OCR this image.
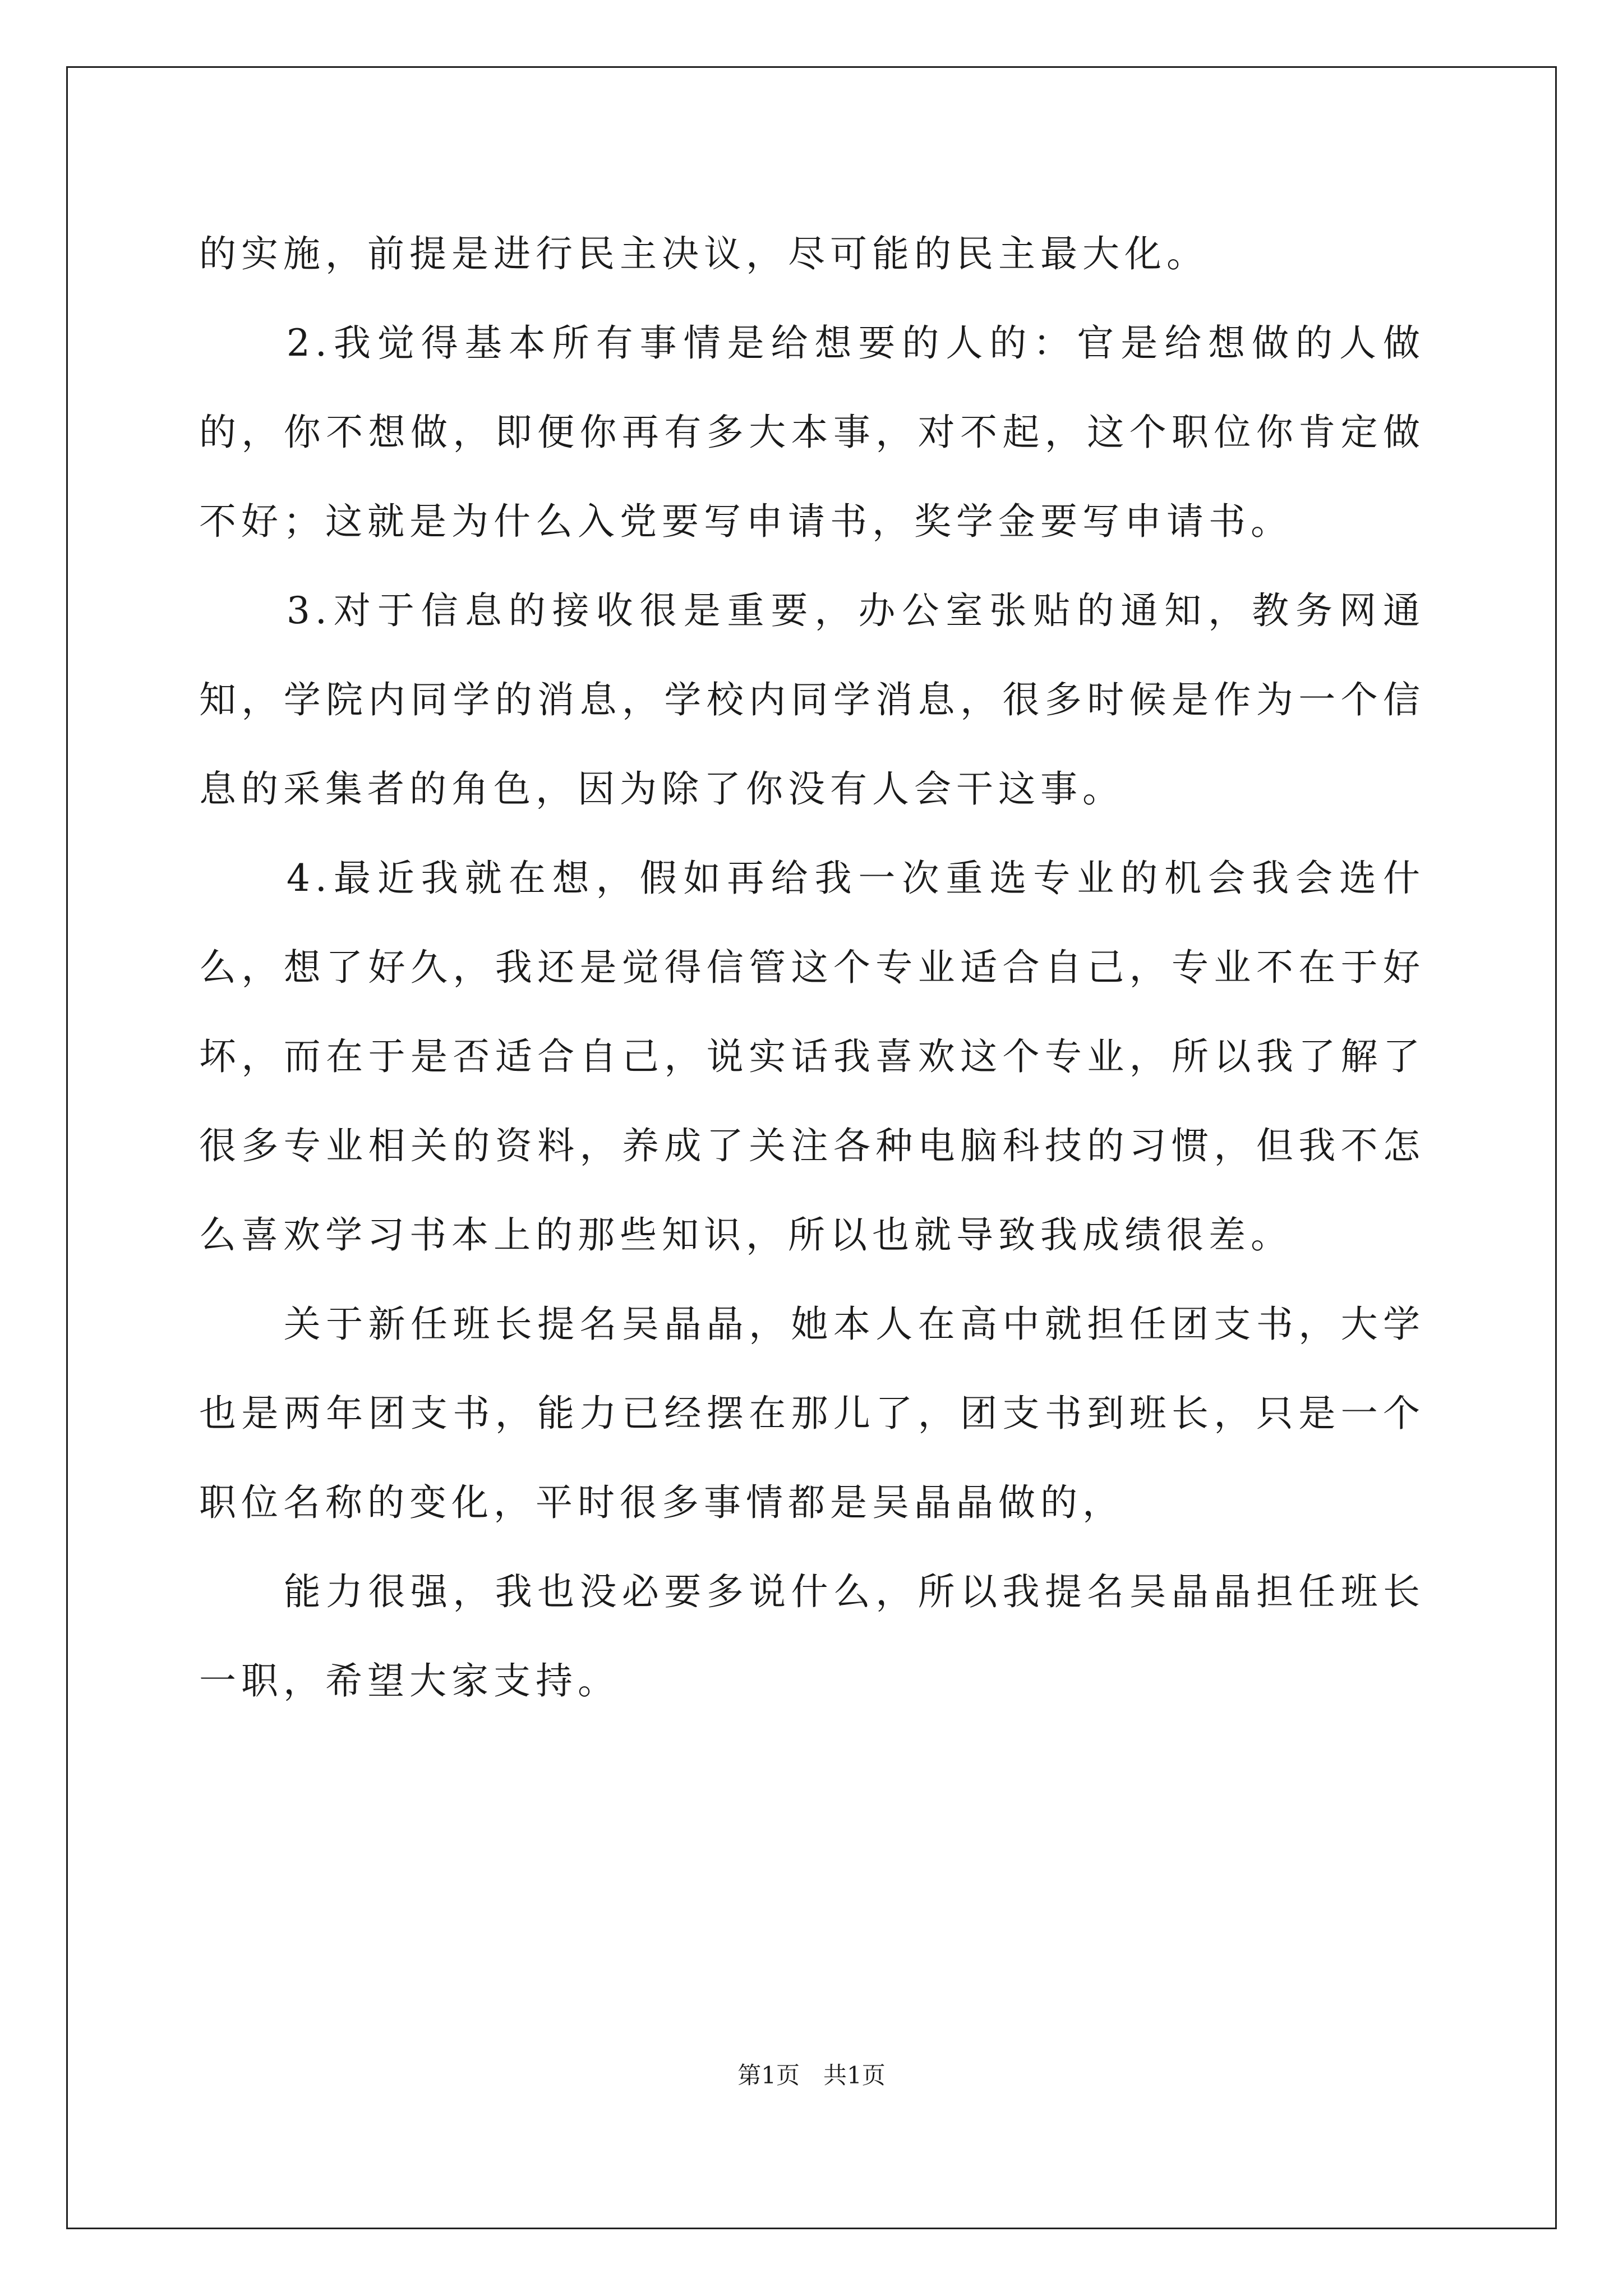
的实施，前提是进行民主决议，尽可能的民主最大化。

　　2.我觉得基本所有事情是给想要的人的：官是给想做的人做的，你不想做，即便你再有多大本事，对不起，这个职位你肯定做不好；这就是为什么入党要写申请书，奖学金要写申请书。

　　3.对于信息的接收很是重要，办公室张贴的通知，教务网通知，学院内同学的消息，学校内同学消息，很多时候是作为一个信息的采集者的角色，因为除了你没有人会干这事。

　　4.最近我就在想，假如再给我一次重选专业的机会我会选什么，想了好久，我还是觉得信管这个专业适合自己，专业不在于好坏，而在于是否适合自己，说实话我喜欢这个专业，所以我了解了很多专业相关的资料，养成了关注各种电脑科技的习惯，但我不怎么喜欢学习书本上的那些知识，所以也就导致我成绩很差。

　　关于新任班长提名吴晶晶，她本人在高中就担任团支书，大学也是两年团支书，能力已经摆在那儿了，团支书到班长，只是一个职位名称的变化，平时很多事情都是吴晶晶做的，

　　能力很强，我也没必要多说什么，所以我提名吴晶晶担任班长一职，希望大家支持。

第1页　共1页
